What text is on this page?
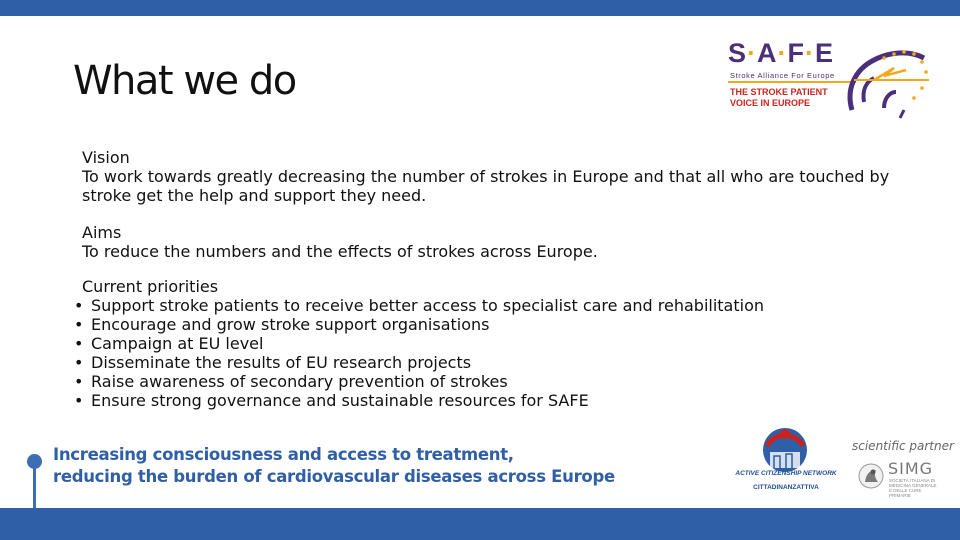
What we do
S·A·F·E
Stroke Alliance For Europe
THE STROKE PATIENT
VOICE IN EUROPE
Vision
To work towards greatly decreasing the number of strokes in Europe and that all who are touched by stroke get the help and support they need.
Aims
To reduce the numbers and the effects of strokes across Europe.
Current priorities
• Support stroke patients to receive better access to specialist care and rehabilitation
• Encourage and grow stroke support organisations
• Campaign at EU level
• Disseminate the results of EU research projects
• Raise awareness of secondary prevention of strokes
• Ensure strong governance and sustainable resources for SAFE
Increasing consciousness and access to treatment,
reducing the burden of cardiovascular diseases across Europe	ACTIVE CITIZENSHIP NETWORK
CITTADINANZATTIVA
scientific partner
SIMG
SOCIETÀ ITALIANA DI MEDICINA GENERALE E DELLE CURE PRIMARIE
